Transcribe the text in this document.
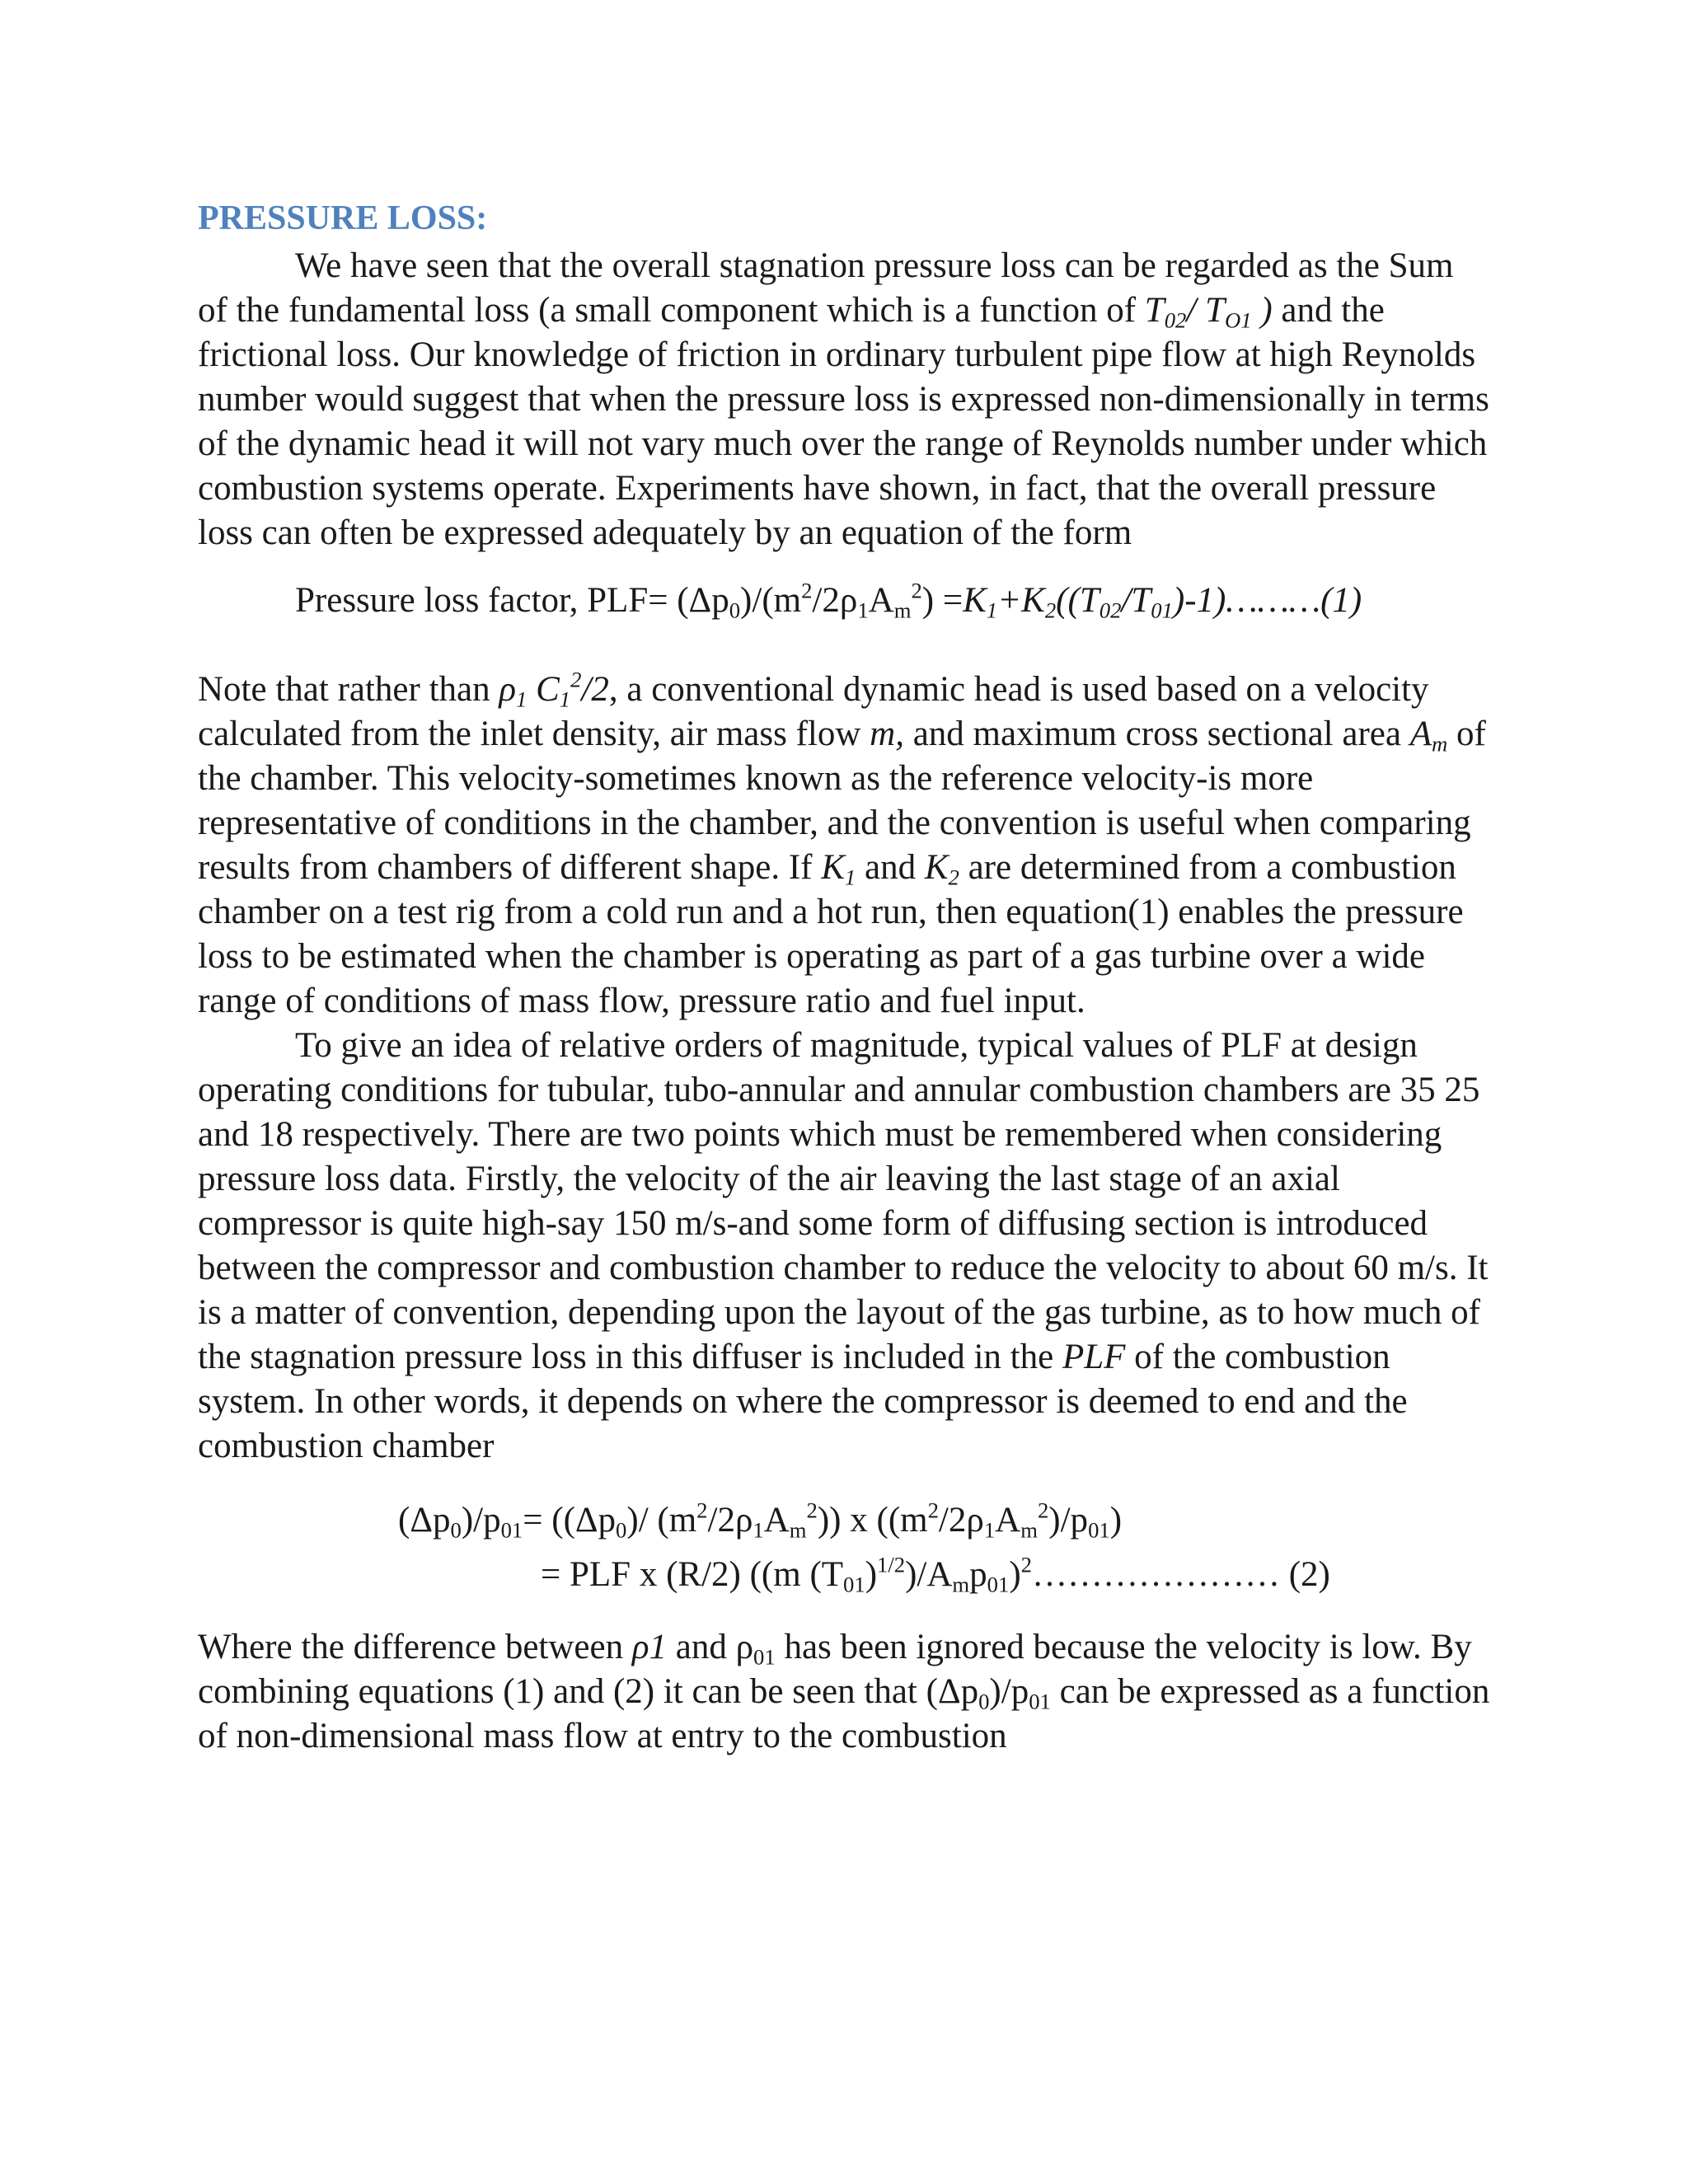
PRESSURE LOSS:

We have seen that the overall stagnation pressure loss can be regarded as the Sum of the fundamental loss (a small component which is a function of $T_{02}/$ $T_{O1}$ ) and the frictional loss. Our knowledge of friction in ordinary turbulent pipe flow at high Reynolds number would suggest that when the pressure loss is expressed non-dimensionally in terms of the dynamic head it will not vary much over the range of Reynolds number under which combustion systems operate. Experiments have shown, in fact, that the overall pressure loss can often be expressed adequately by an equation of the form

Pressure loss factor, $PLF= (\Delta p_0)/(m^2/2\rho_1A_m^2)$ $=K_1+K_2((T_{02}/T_{01})-1)\dots\dots\dots(1)$

Note that rather than $\rho_1$ $C_1^2/2$, a conventional dynamic head is used based on a velocity calculated from the inlet density, air mass flow m, and maximum cross sectional area $A_m$ of the chamber. This velocity-sometimes known as the reference velocity-is more representative of conditions in the chamber, and the convention is useful when comparing results from chambers of different shape. If $K_1$ and $K_2$ are determined from a combustion chamber on a test rig from a cold run and a hot run, then equation(1) enables the pressure loss to be estimated when the chamber is operating as part of a gas turbine over a wide range of conditions of mass flow, pressure ratio and fuel input.

To give an idea of relative orders of magnitude, typical values of PLF at design operating conditions for tubular, tubo-annular and annular combustion chambers are 35 25 and 18 respectively. There are two points which must be remembered when considering pressure loss data. Firstly, the velocity of the air leaving the last stage of an axial compressor is quite high-say 150 m/s-and some form of diffusing section is introduced between the compressor and combustion chamber to reduce the velocity to about 60 m/s. It is a matter of convention, depending upon the layout of the gas turbine, as to how much of the stagnation pressure loss in this diffuser is included in the PLF of the combustion system. In other words, it depends on where the compressor is deemed to end and the combustion chamber

$(\Delta p_0)/p_{01}= ((\Delta p_0)/$ $(m^2/2\rho_1A_m^2)$) x $((m^2/2\rho_1A_m^2)/p_{01})$
= PLF x (R/2) ((m $(T_{01})^{1/2})/A_mp_{01})^2\dots\dots\dots\dots\dots\dots\dots$ (2)

Where the difference between ρ1 and $\rho_{01}$ has been ignored because the velocity is low. By combining equations (1) and (2) it can be seen that $(\Delta p_0)/p_{01}$ can be expressed as a function of non-dimensional mass flow at entry to the combustion
